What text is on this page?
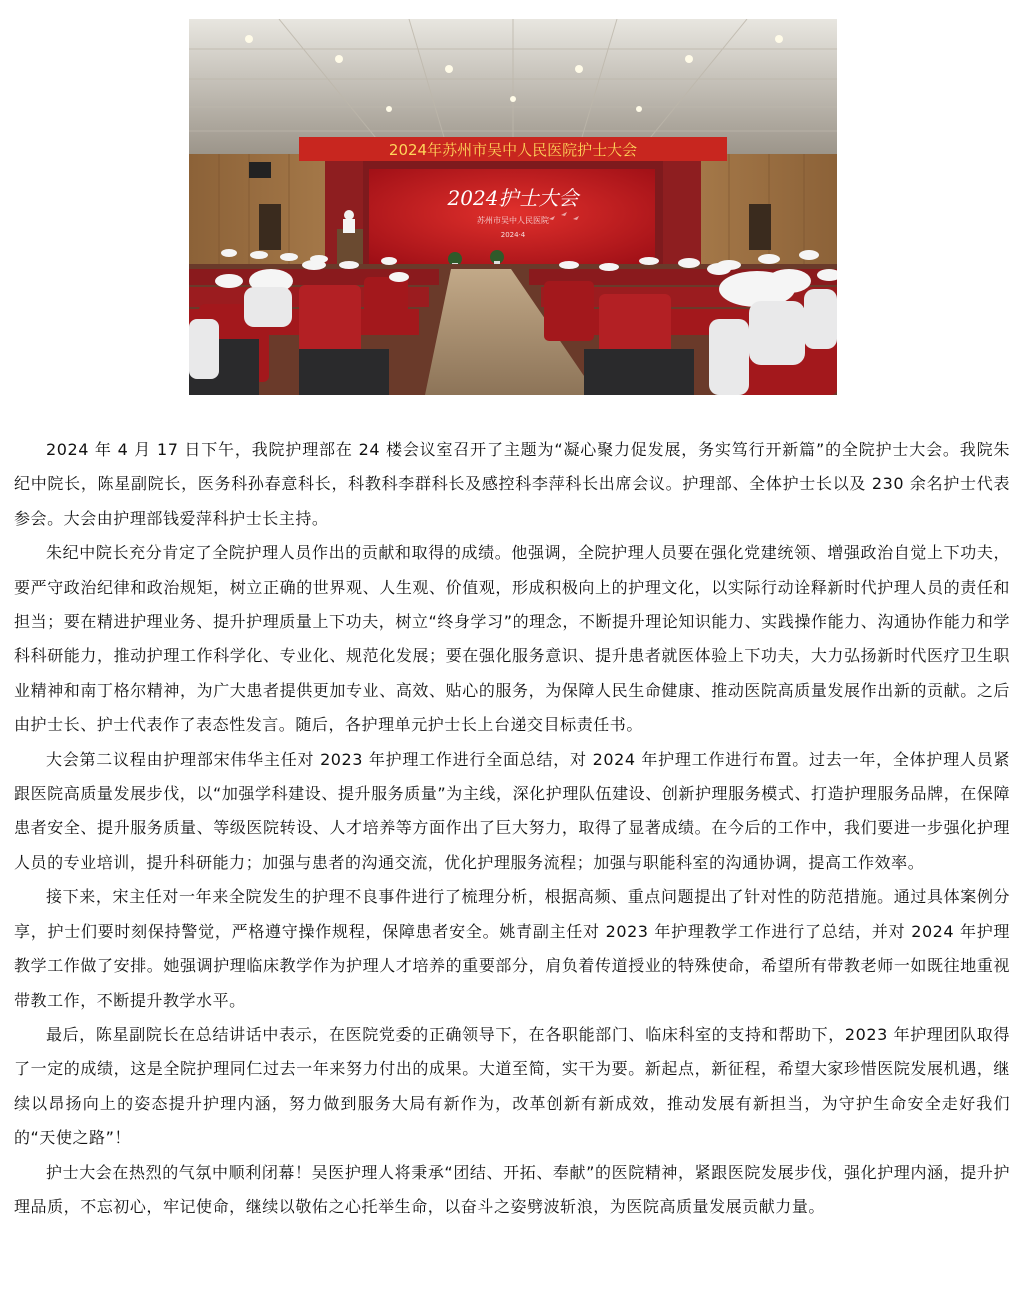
2024年苏州市吴中人民医院护士大会
2024护士大会
苏州市吴中人民医院
2024·4

2024 年 4 月 17 日下午，我院护理部在 24 楼会议室召开了主题为“凝心聚力促发展，务实笃行开新篇”的全院护士大会。我院朱纪中院长，陈星副院长，医务科孙春意科长，科教科李群科长及感控科李萍科长出席会议。护理部、全体护士长以及 230 余名护士代表参会。大会由护理部钱爱萍科护士长主持。

朱纪中院长充分肯定了全院护理人员作出的贡献和取得的成绩。他强调，全院护理人员要在强化党建统领、增强政治自觉上下功夫，要严守政治纪律和政治规矩，树立正确的世界观、人生观、价值观，形成积极向上的护理文化，以实际行动诠释新时代护理人员的责任和担当；要在精进护理业务、提升护理质量上下功夫，树立“终身学习”的理念，不断提升理论知识能力、实践操作能力、沟通协作能力和学科科研能力，推动护理工作科学化、专业化、规范化发展；要在强化服务意识、提升患者就医体验上下功夫，大力弘扬新时代医疗卫生职业精神和南丁格尔精神，为广大患者提供更加专业、高效、贴心的服务，为保障人民生命健康、推动医院高质量发展作出新的贡献。之后由护士长、护士代表作了表态性发言。随后，各护理单元护士长上台递交目标责任书。

大会第二议程由护理部宋伟华主任对 2023 年护理工作进行全面总结，对 2024 年护理工作进行布置。过去一年，全体护理人员紧跟医院高质量发展步伐，以“加强学科建设、提升服务质量”为主线，深化护理队伍建设、创新护理服务模式、打造护理服务品牌，在保障患者安全、提升服务质量、等级医院转设、人才培养等方面作出了巨大努力，取得了显著成绩。在今后的工作中，我们要进一步强化护理人员的专业培训，提升科研能力；加强与患者的沟通交流，优化护理服务流程；加强与职能科室的沟通协调，提高工作效率。

接下来，宋主任对一年来全院发生的护理不良事件进行了梳理分析，根据高频、重点问题提出了针对性的防范措施。通过具体案例分享，护士们要时刻保持警觉，严格遵守操作规程，保障患者安全。姚青副主任对 2023 年护理教学工作进行了总结，并对 2024 年护理教学工作做了安排。她强调护理临床教学作为护理人才培养的重要部分，肩负着传道授业的特殊使命，希望所有带教老师一如既往地重视带教工作，不断提升教学水平。

最后，陈星副院长在总结讲话中表示，在医院党委的正确领导下，在各职能部门、临床科室的支持和帮助下，2023 年护理团队取得了一定的成绩，这是全院护理同仁过去一年来努力付出的成果。大道至简，实干为要。新起点，新征程，希望大家珍惜医院发展机遇，继续以昂扬向上的姿态提升护理内涵，努力做到服务大局有新作为，改革创新有新成效，推动发展有新担当，为守护生命安全走好我们的“天使之路”！

护士大会在热烈的气氛中顺利闭幕！吴医护理人将秉承“团结、开拓、奉献”的医院精神，紧跟医院发展步伐，强化护理内涵，提升护理品质，不忘初心，牢记使命，继续以敬佑之心托举生命，以奋斗之姿劈波斩浪，为医院高质量发展贡献力量。
